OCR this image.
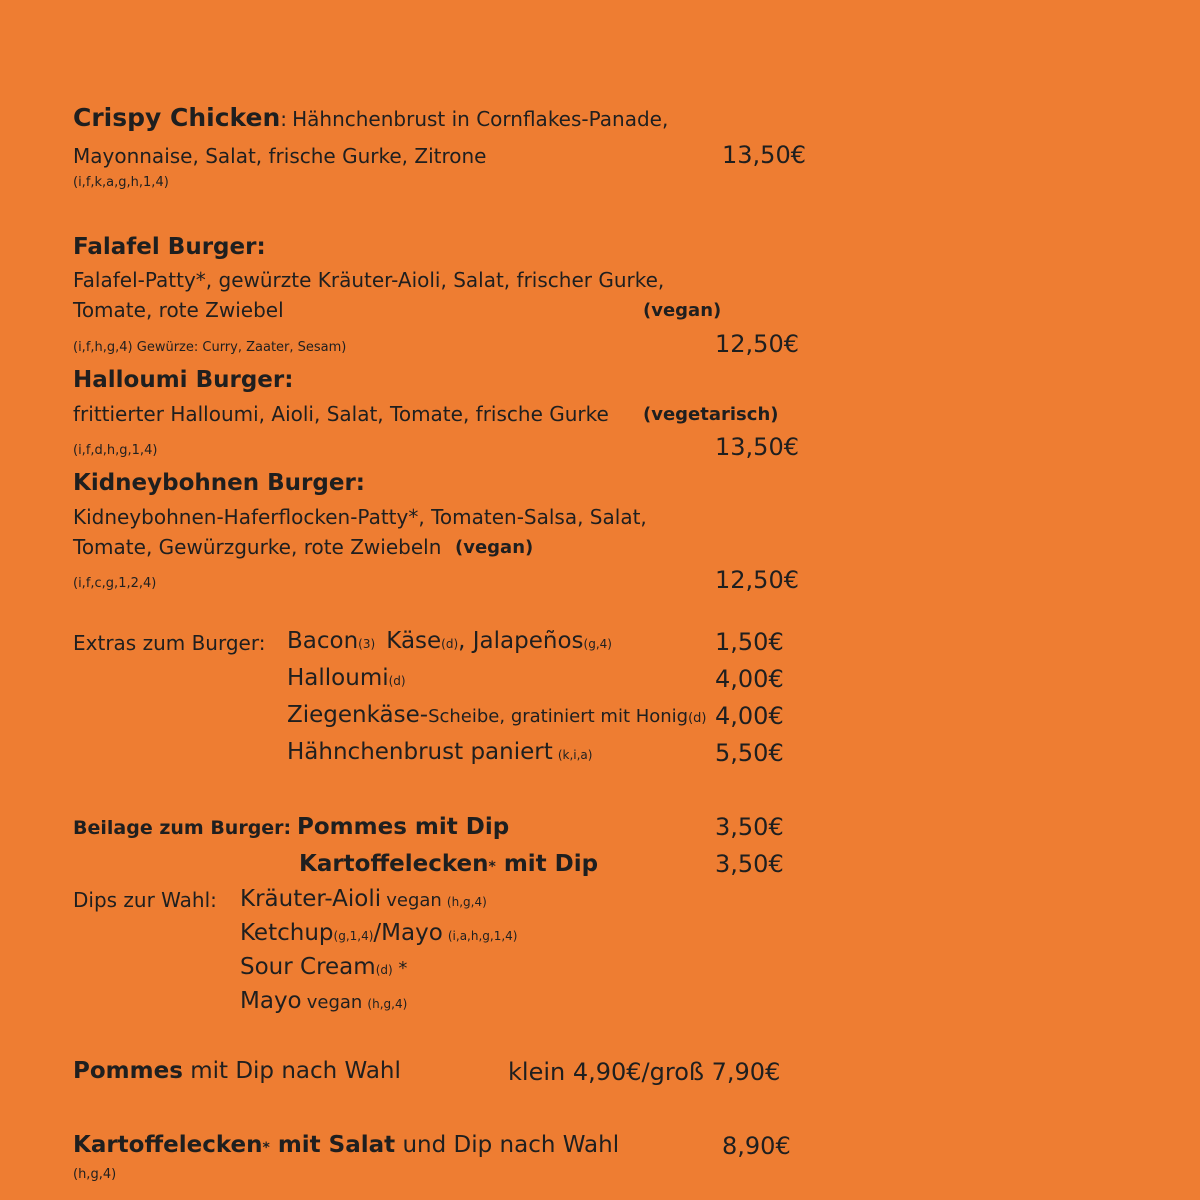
Crispy Chicken: Hähnchenbrust in Cornflakes-Panade,
Mayonnaise, Salat, frische Gurke, Zitrone	13,50€
(i,f,k,a,g,h,1,4)
Falafel Burger:
Falafel-Patty*, gewürzte Kräuter-Aioli, Salat, frischer Gurke,
Tomate, rote Zwiebel	(vegan)
(i,f,h,g,4) Gewürze: Curry, Zaater, Sesam)	12,50€
Halloumi Burger:
frittierter Halloumi, Aioli, Salat, Tomate, frische Gurke (vegetarisch)
(i,f,d,h,g,1,4)	13,50€
Kidneybohnen Burger:
Kidneybohnen-Haferflocken-Patty*, Tomaten-Salsa, Salat,
Tomate, Gewürzgurke, rote Zwiebeln (vegan)
(i,f,c,g,1,2,4)	12,50€
Extras zum Burger: Bacon(3) Käse(d), Jalapeños(g,4)	1,50€
Halloumi(d)	4,00€
Ziegenkäse-Scheibe, gratiniert mit Honig(d) 4,00€
Hähnchenbrust paniert (k,i,a)	5,50€
Beilage zum Burger: Pommes mit Dip	3,50€
Kartoffelecken* mit Dip	3,50€
Dips zur Wahl: Kräuter-Aioli vegan (h,g,4)
Ketchup(g,1,4)/Mayo (i,a,h,g,1,4)
Sour Cream(d) *
Mayo vegan (h,g,4)
Pommes mit Dip nach Wahl	klein 4,90€/groß 7,90€
Kartoffelecken* mit Salat und Dip nach Wahl	8,90€
(h,g,4)
